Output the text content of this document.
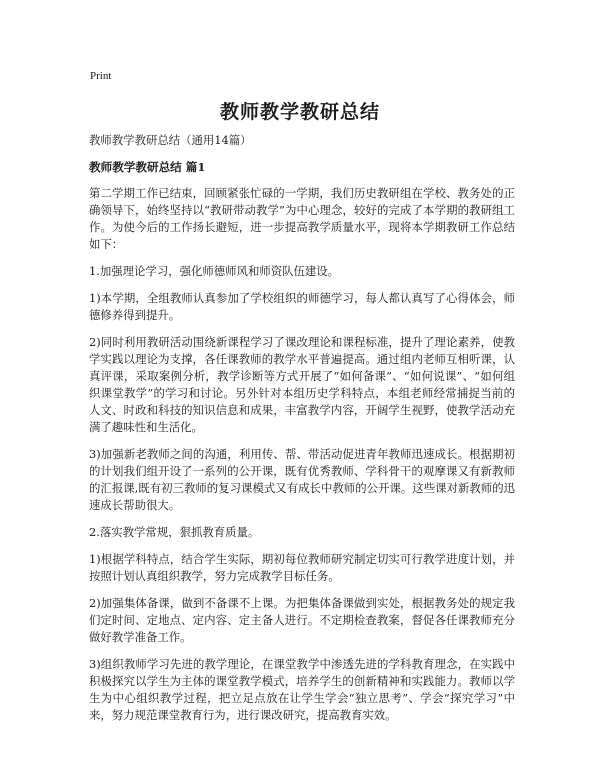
Print
教师教学教研总结

教师教学教研总结（通用14篇）

教师教学教研总结 篇1

第二学期工作已结束，回顾紧张忙碌的一学期，我们历史教研组在学校、教务处的正确领导下，始终坚持以“教研带动教学”为中心理念，较好的完成了本学期的教研组工作。为使今后的工作扬长避短，进一步提高教学质量水平，现将本学期教研工作总结如下：

1.加强理论学习，强化师德师风和师资队伍建设。

1)本学期，全组教师认真参加了学校组织的师德学习，每人都认真写了心得体会，师德修养得到提升。

2)同时利用教研活动围绕新课程学习了课改理论和课程标准，提升了理论素养，使教学实践以理论为支撑，各任课教师的教学水平普遍提高。通过组内老师互相听课，认真评课，采取案例分析，教学诊断等方式开展了“如何备课”、“如何说课”、“如何组织课堂教学”的学习和讨论。另外针对本组历史学科特点，本组老师经常捕捉当前的人文、时政和科技的知识信息和成果，丰富教学内容，开阔学生视野，使教学活动充满了趣味性和生活化。

3)加强新老教师之间的沟通，利用传、帮、带活动促进青年教师迅速成长。根据期初的计划我们组开设了一系列的公开课，既有优秀教师、学科骨干的观摩课又有新教师的汇报课,既有初三教师的复习课模式又有成长中教师的公开课。这些课对新教师的迅速成长帮助很大。

2.落实教学常规，狠抓教育质量。

1)根据学科特点，结合学生实际，期初每位教师研究制定切实可行教学进度计划，并按照计划认真组织教学，努力完成教学目标任务。

2)加强集体备课，做到不备课不上课。为把集体备课做到实处，根据教务处的规定我们定时间、定地点、定内容、定主备人进行。不定期检查教案，督促各任课教师充分做好教学准备工作。

3)组织教师学习先进的教学理论，在课堂教学中渗透先进的学科教育理念，在实践中积极探究以学生为主体的课堂教学模式，培养学生的创新精神和实践能力。教师以学生为中心组织教学过程，把立足点放在让学生学会“独立思考”、学会“探究学习”中来，努力规范课堂教育行为，进行课改研究，提高教育实效。
